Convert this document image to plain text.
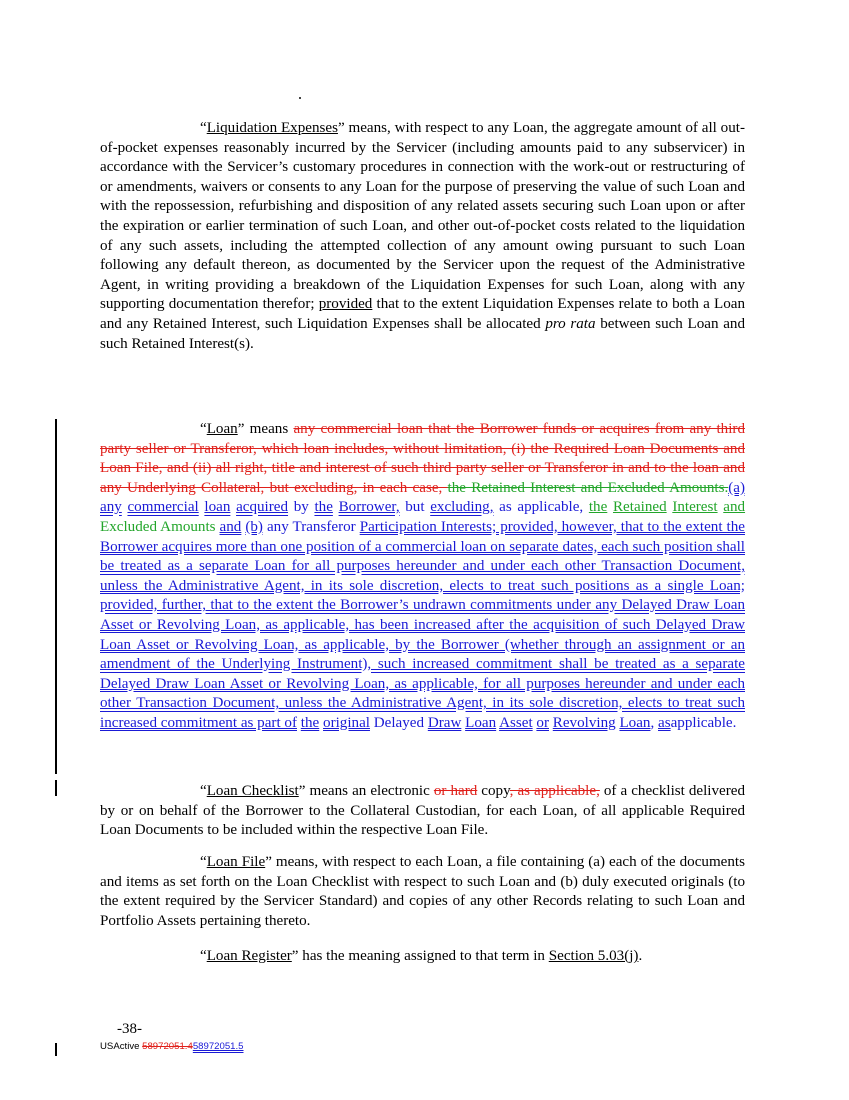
“Liquidation Expenses” means, with respect to any Loan, the aggregate amount of all out-of-pocket expenses reasonably incurred by the Servicer (including amounts paid to any subservicer) in accordance with the Servicer’s customary procedures in connection with the work-out or restructuring of or amendments, waivers or consents to any Loan for the purpose of preserving the value of such Loan and with the repossession, refurbishing and disposition of any related assets securing such Loan upon or after the expiration or earlier termination of such Loan, and other out-of-pocket costs related to the liquidation of any such assets, including the attempted collection of any amount owing pursuant to such Loan following any default thereon, as documented by the Servicer upon the request of the Administrative Agent, in writing providing a breakdown of the Liquidation Expenses for such Loan, along with any supporting documentation therefor; provided that to the extent Liquidation Expenses relate to both a Loan and any Retained Interest, such Liquidation Expenses shall be allocated pro rata between such Loan and such Retained Interest(s).

“Loan” means any commercial loan that the Borrower funds or acquires from any third party seller or Transferor, which loan includes, without limitation, (i) the Required Loan Documents and Loan File, and (ii) all right, title and interest of such third party seller or Transferor in and to the loan and any Underlying Collateral, but excluding, in each case, the Retained Interest and Excluded Amounts.(a) any commercial loan acquired by the Borrower, but excluding, as applicable, the Retained Interest and Excluded Amounts and (b) any Transferor Participation Interests; provided, however, that to the extent the Borrower acquires more than one position of a commercial loan on separate dates, each such position shall be treated as a separate Loan for all purposes hereunder and under each other Transaction Document, unless the Administrative Agent, in its sole discretion, elects to treat such positions as a single Loan; provided, further, that to the extent the Borrower’s undrawn commitments under any Delayed Draw Loan Asset or Revolving Loan, as applicable, has been increased after the acquisition of such Delayed Draw Loan Asset or Revolving Loan, as applicable, by the Borrower (whether through an assignment or an amendment of the Underlying Instrument), such increased commitment shall be treated as a separate Delayed Draw Loan Asset or Revolving Loan, as applicable, for all purposes hereunder and under each other Transaction Document, unless the Administrative Agent, in its sole discretion, elects to treat such increased commitment as part of the original Delayed Draw Loan Asset or Revolving Loan, asapplicable.

“Loan Checklist” means an electronic or hard copy, as applicable, of a checklist delivered by or on behalf of the Borrower to the Collateral Custodian, for each Loan, of all applicable Required Loan Documents to be included within the respective Loan File.

“Loan File” means, with respect to each Loan, a file containing (a) each of the documents and items as set forth on the Loan Checklist with respect to such Loan and (b) duly executed originals (to the extent required by the Servicer Standard) and copies of any other Records relating to such Loan and Portfolio Assets pertaining thereto.

“Loan Register” has the meaning assigned to that term in Section 5.03(j).

-38-
USActive 58972051.458972051.5
